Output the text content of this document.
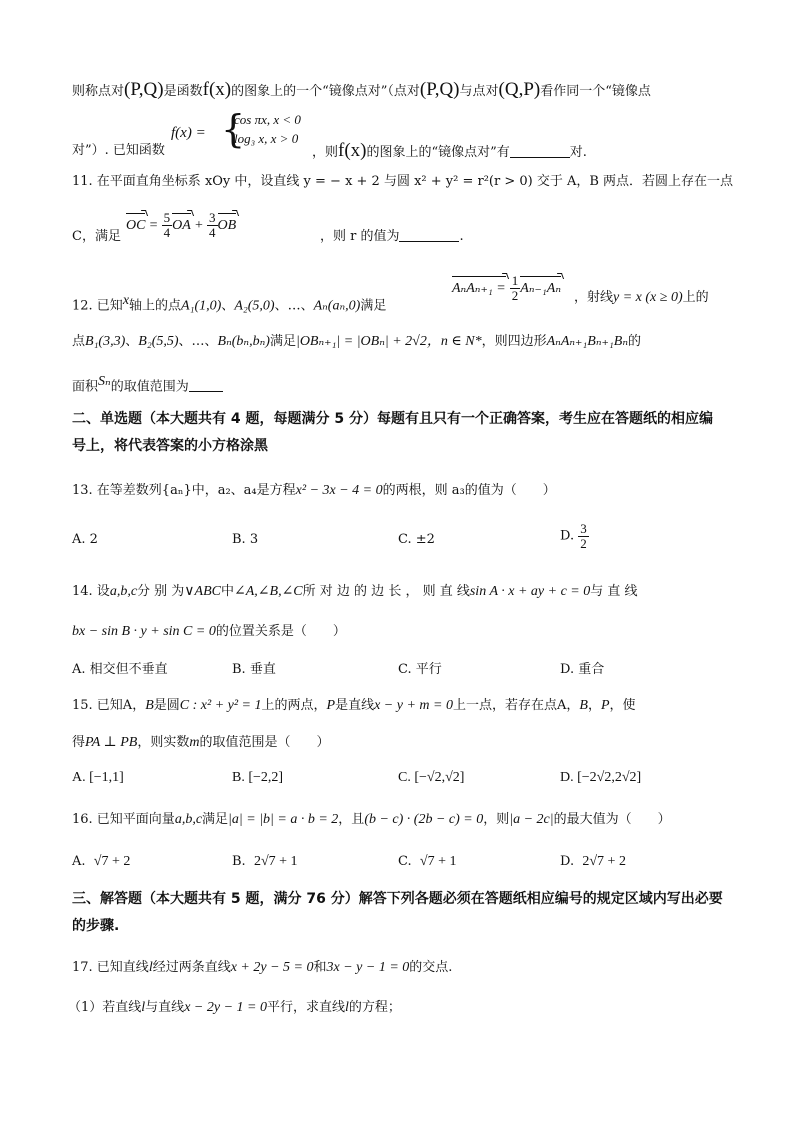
则称点对(P,Q)是函数f(x)的图象上的一个“镜像点对”（点对(P,Q)与点对(Q,P)看作同一个“镜像点
对”）. 已知函数
f(x) = {
cos πx, x < 0
log₃ x, x > 0
，则f(x)的图象上的“镜像点对”有	对.
11. 在平面直角坐标系 xOy 中，设直线 y = − x + 2 与圆 x² + y² = r²(r > 0) 交于 A，B 两点．若圆上存在一点
C，满足
OC = $\frac{5}{4}$ OA + $\frac{3}{4}$ OB
，则 r 的值为	.
12. 已知$^x$轴上的点A₁(1,0)、A₂(5,0)、…、Aₙ(aₙ,0)满足
$A_nA_{n+1} = \frac{1}{2} A_{n-1}A_n$
，射线y = x (x ≥ 0)上的
点B₁(3,3)、B₂(5,5)、…、Bₙ(bₙ,bₙ)满足|OBₙ₊₁| = |OBₙ| + 2√2，n ∈ N*，则四边形AₙAₙ₊₁Bₙ₊₁Bₙ的
面积$^{S_n}$的取值范围为
二、单选题（本大题共有 4 题，每题满分 5 分）每题有且只有一个正确答案，考生应在答题纸的相应编号上，将代表答案的小方格涂黑
13. 在等差数列{aₙ}中，a₂、a₄是方程x² − 3x − 4 = 0的两根，则 a₃的值为（　　）
A. 2	B. 3	C. ±2	D. $\frac{3}{2}$
14. 设a,b,c分 别 为∨ABC中∠A,∠B,∠C所 对 边 的 边 长 ， 则 直 线sin A · x + ay + c = 0与 直 线
bx − sin B · y + sin C = 0的位置关系是（　　）
A. 相交但不垂直	B. 垂直	C. 平行	D. 重合
15. 已知A，B是圆C : x² + y² = 1上的两点，P是直线x − y + m = 0上一点，若存在点A，B，P，使
得PA ⊥ PB，则实数m的取值范围是（　　）
A. [−1,1]	B. [−2,2]	C. [−√2,√2]	D. [−2√2,2√2]
16. 已知平面向量a,b,c满足|a| = |b| = a · b = 2，且(b − c) · (2b − c) = 0，则|a − 2c|的最大值为（　　）
A. √7 + 2	B. 2√7 + 1	C. √7 + 1	D. 2√7 + 2
三、解答题（本大题共有 5 题，满分 76 分）解答下列各题必须在答题纸相应编号的规定区域内写出必要的步骤.
17. 已知直线l经过两条直线x + 2y − 5 = 0和3x − y − 1 = 0的交点.
（1）若直线l与直线x − 2y − 1 = 0平行，求直线l的方程；
